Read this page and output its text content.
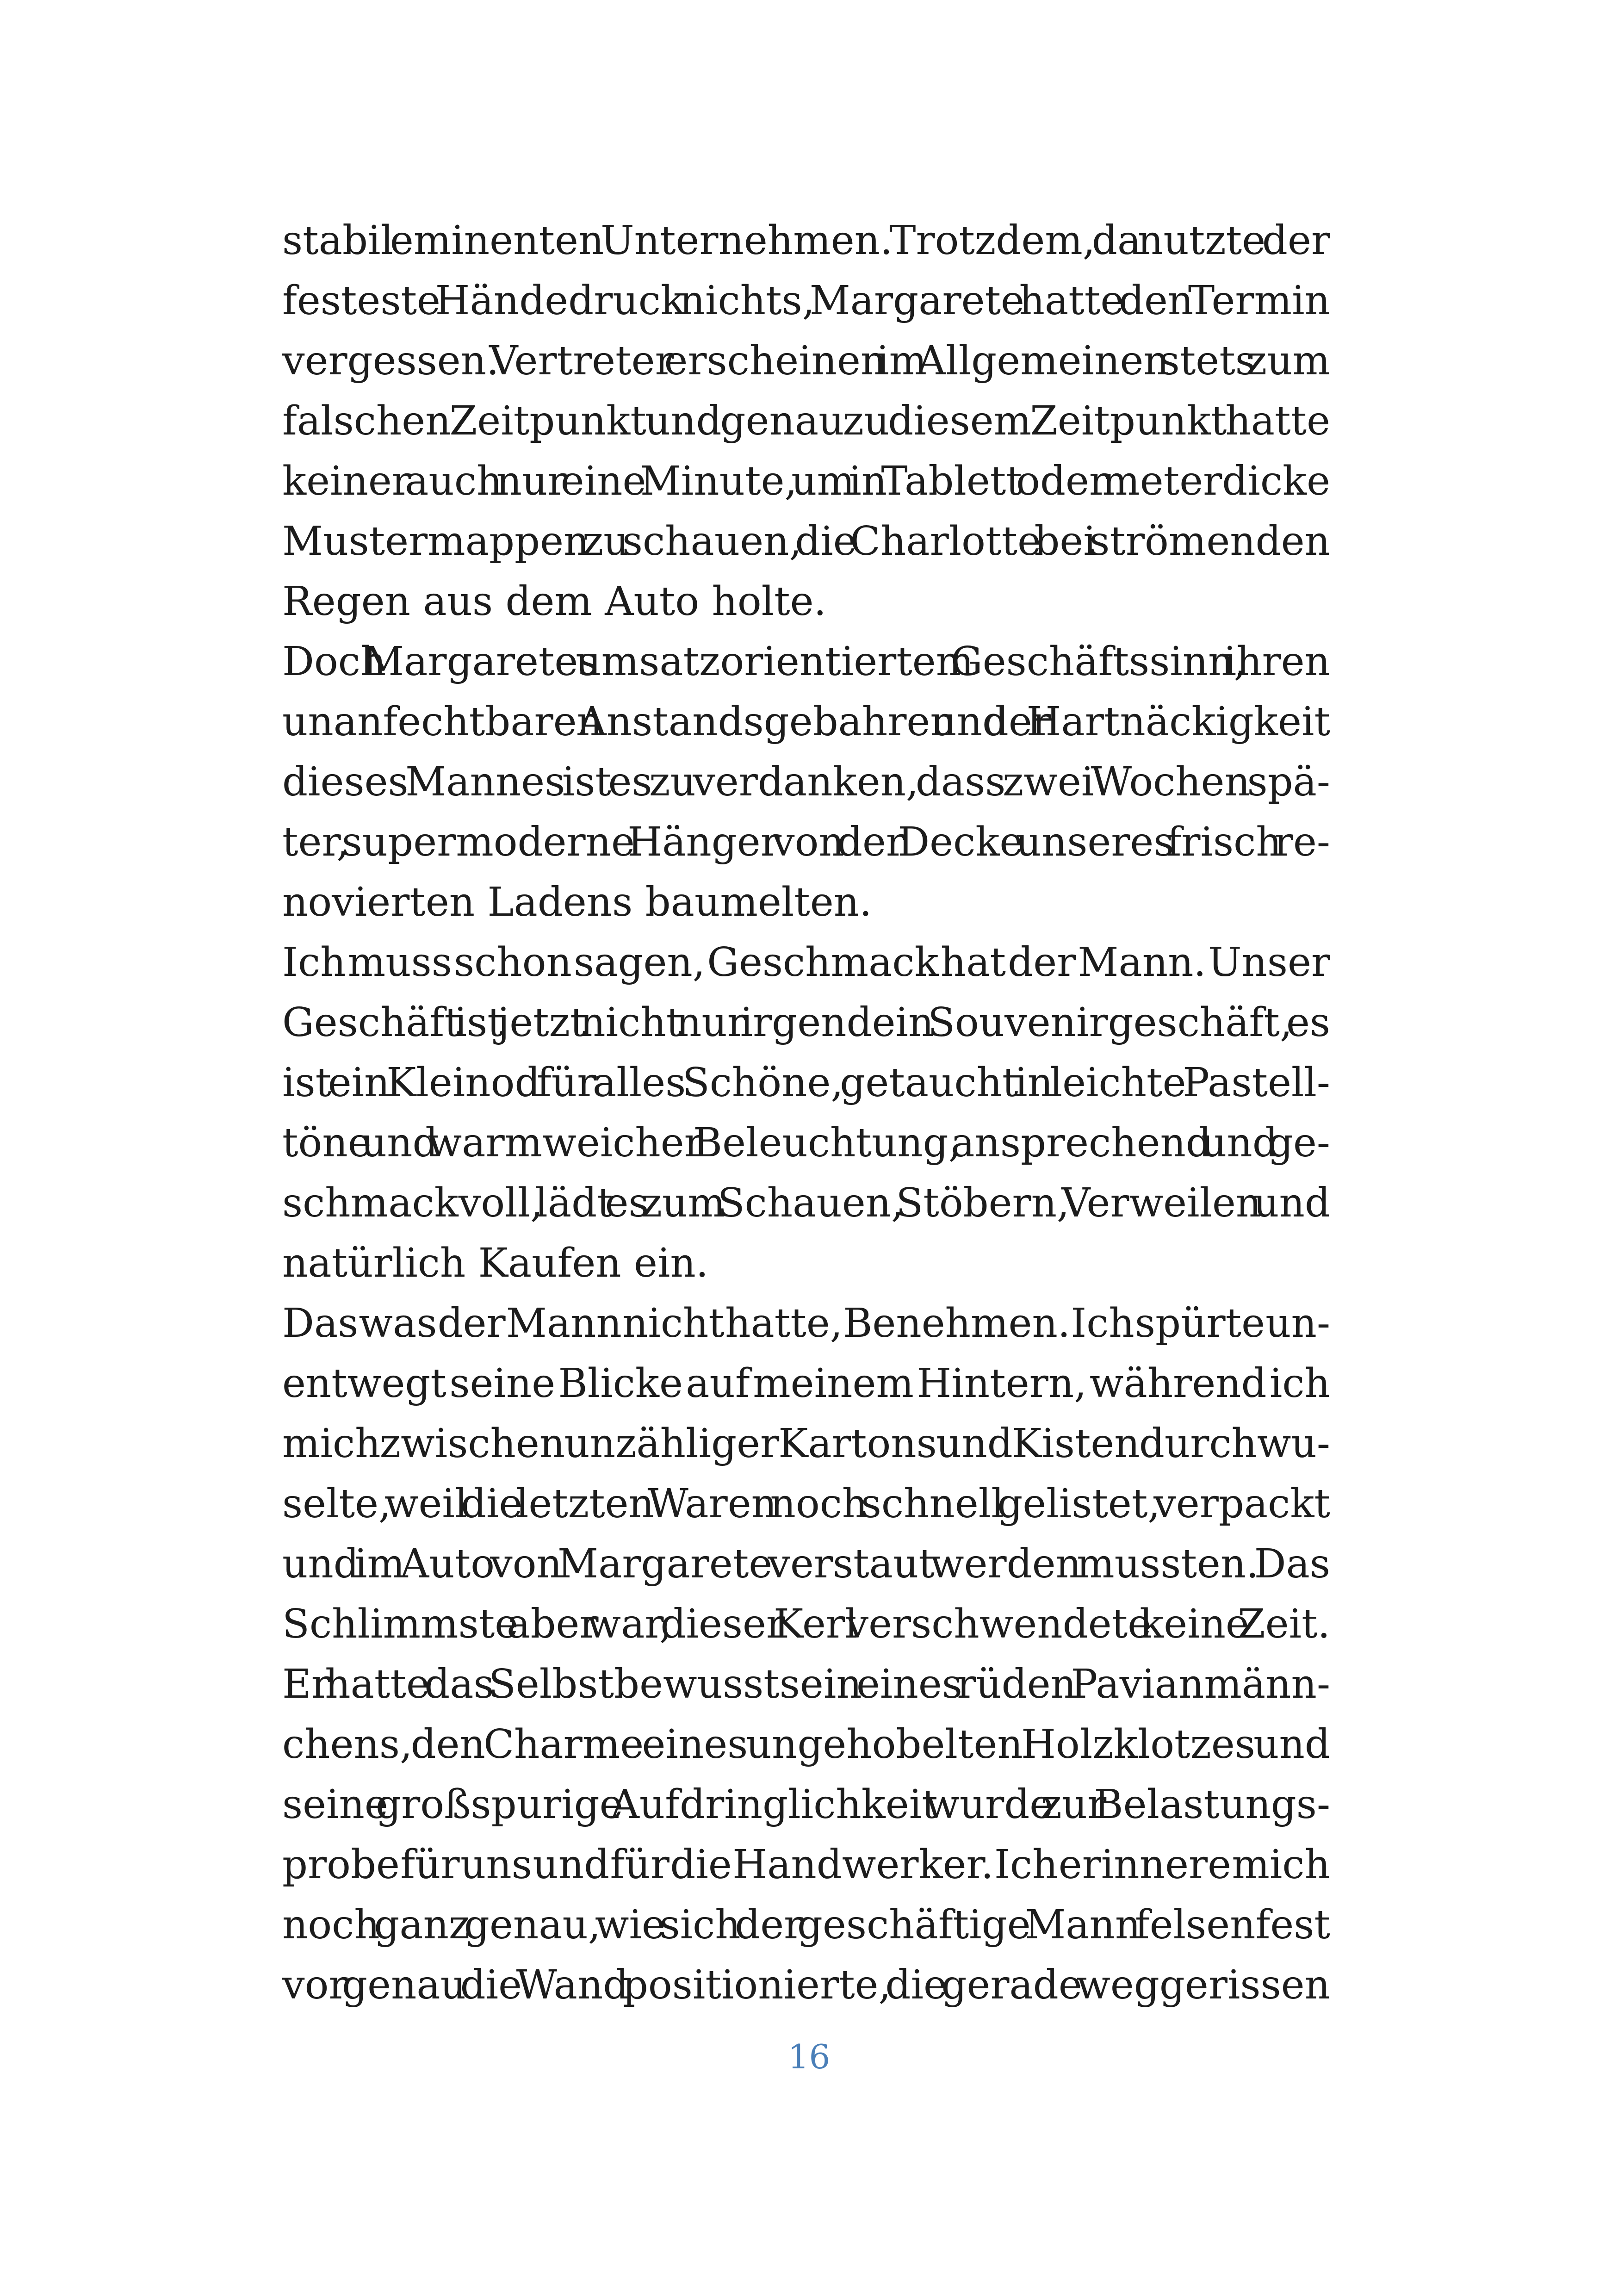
stabil eminenten Unternehmen. Trotzdem, da nutzte der
festeste Händedruck nichts, Margarete hatte den Termin
vergessen. Vertreter erscheinen im Allgemeinen stets zum
falschen Zeitpunkt und genau zu diesem Zeitpunkt hatte
keiner auch nur eine Minute, um in Tablett oder meterdicke
Mustermappen zu schauen, die Charlotte bei strömenden
Regen aus dem Auto holte.
Doch Margaretes umsatzorientiertem Geschäftssinn, ihren
unanfechtbaren Anstandsgebahren und der Hartnäckigkeit
dieses Mannes ist es zu verdanken, dass zwei Wochen spä-
ter, supermoderne Hänger von der Decke unseres frisch re-
novierten Ladens baumelten.
Ich muss schon sagen, Geschmack hat der Mann. Unser
Geschäft ist jetzt nicht nur irgendein Souvenirgeschäft, es
ist ein Kleinod für alles Schöne, getaucht in leichte Pastell-
töne und warmweicher Beleuchtung, ansprechend und ge-
schmackvoll, lädt es zum Schauen, Stöbern, Verweilen und
natürlich Kaufen ein.
Das was der Mann nicht hatte, Benehmen. Ich spürte un-
entwegt seine Blicke auf meinem Hintern, während ich
mich zwischen unzähliger Kartons und Kisten durchwu-
selte, weil die letzten Waren noch schnell gelistet, verpackt
und im Auto von Margarete verstaut werden mussten. Das
Schlimmste aber war, dieser Kerl verschwendete keine Zeit.
Er hatte das Selbstbewusstsein eines rüden Pavianmänn-
chens, den Charme eines ungehobelten Holzklotzes und
seine großspurige Aufdringlichkeit wurde zur Belastungs-
probe für uns und für die Handwerker. Ich erinnere mich
noch ganz genau, wie sich der geschäftige Mann felsenfest
vor genau die Wand positionierte, die gerade weggerissen
16
